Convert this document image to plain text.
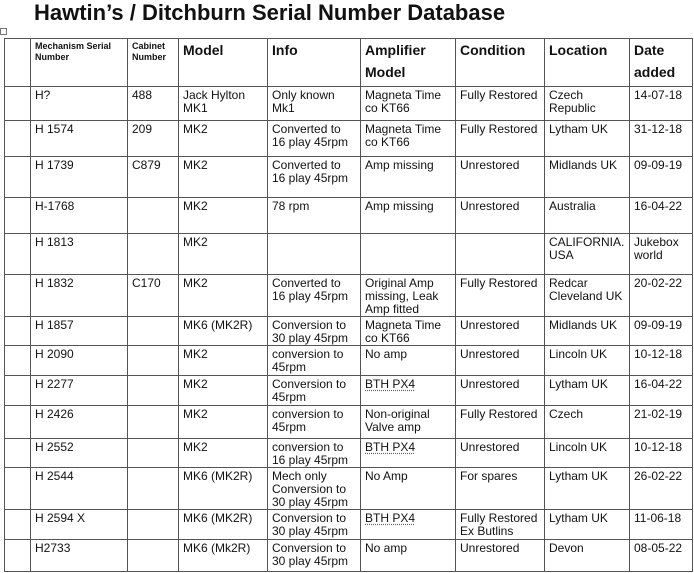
Hawtin’s / Ditchburn Serial Number Database
	Mechanism Serial Number	Cabinet Number	Model	Info	Amplifier Model	Condition	Location	Date added
	H?	488	Jack Hylton MK1	Only known Mk1	Magneta Time co KT66	Fully Restored	Czech Republic	14-07-18
	H 1574	209	MK2	Converted to 16 play 45rpm	Magneta Time co KT66	Fully Restored	Lytham UK	31-12-18
	H 1739	C879	MK2	Converted to 16 play 45rpm	Amp missing	Unrestored	Midlands UK	09-09-19
	H-1768		MK2	78 rpm	Amp missing	Unrestored	Australia	16-04-22
	H 1813		MK2				CALIFORNIA. USA	Jukebox world
	H 1832	C170	MK2	Converted to 16 play 45rpm	Original Amp missing, Leak Amp fitted	Fully Restored	Redcar Cleveland UK	20-02-22
	H 1857		MK6 (MK2R)	Conversion to 30 play 45rpm	Magneta Time co KT66	Unrestored	Midlands UK	09-09-19
	H 2090		MK2	conversion to 45rpm	No amp	Unrestored	Lincoln UK	10-12-18
	H 2277		MK2	Conversion to 45rpm	BTH PX4	Unrestored	Lytham UK	16-04-22
	H 2426		MK2	conversion to 45rpm	Non-original Valve amp	Fully Restored	Czech	21-02-19
	H 2552		MK2	conversion to 16 play 45rpm	BTH PX4	Unrestored	Lincoln UK	10-12-18
	H 2544		MK6 (MK2R)	Mech only Conversion to 30 play 45rpm	No Amp	For spares	Lytham UK	26-02-22
	H 2594 X		MK6 (MK2R)	Conversion to 30 play 45rpm	BTH PX4	Fully Restored Ex Butlins	Lytham UK	11-06-18
	H2733		MK6 (Mk2R)	Conversion to 30 play 45rpm	No amp	Unrestored	Devon	08-05-22
